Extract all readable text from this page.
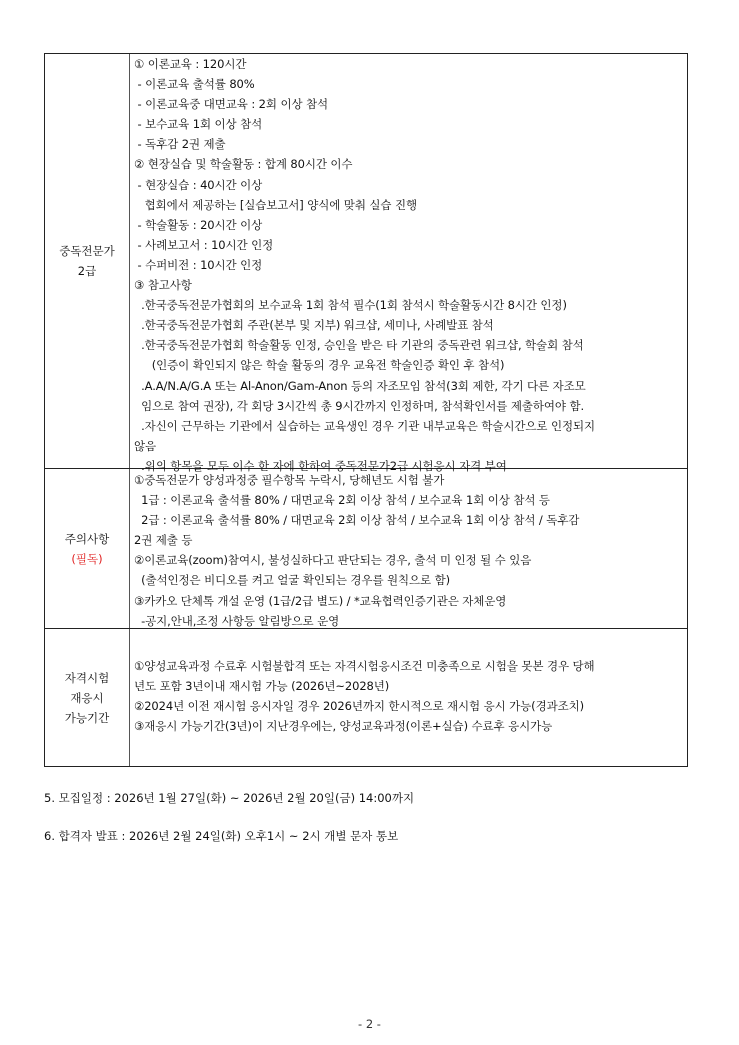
중독전문가
2급
① 이론교육 : 120시간
- 이론교육 출석률 80%
- 이론교육중 대면교육 : 2회 이상 참석
- 보수교육 1회 이상 참석
- 독후감 2권 제출
② 현장실습 및 학술활동 : 합계 80시간 이수
- 현장실습 : 40시간 이상
협회에서 제공하는 [실습보고서] 양식에 맞춰 실습 진행
- 학술활동 : 20시간 이상
- 사례보고서 : 10시간 인정
- 수퍼비전 : 10시간 인정
③ 참고사항
.한국중독전문가협회의 보수교육 1회 참석 필수(1회 참석시 학술활동시간 8시간 인정)
.한국중독전문가협회 주관(본부 및 지부) 워크샵, 세미나, 사례발표 참석
.한국중독전문가협회 학술활동 인정, 승인을 받은 타 기관의 중독관련 워크샵, 학술회 참석
(인증이 확인되지 않은 학술 활동의 경우 교육전 학술인증 확인 후 참석)
.A.A/N.A/G.A 또는 Al-Anon/Gam-Anon 등의 자조모임 참석(3회 제한, 각기 다른 자조모
임으로 참여 권장), 각 회당 3시간씩 총 9시간까지 인정하며, 참석확인서를 제출하여야 함.
.자신이 근무하는 기관에서 실습하는 교육생인 경우 기관 내부교육은 학술시간으로 인정되지
않음
.위의 항목을 모두 이수 한 자에 한하여 중독전문가2급 시험응시 자격 부여
주의사항
(필독)
①중독전문가 양성과정중 필수항목 누락시, 당해년도 시험 불가
1급 : 이론교육 출석률 80% / 대면교육 2회 이상 참석 / 보수교육 1회 이상 참석 등
2급 : 이론교육 출석률 80% / 대면교육 2회 이상 참석 / 보수교육 1회 이상 참석 / 독후감
2권 제출 등
②이론교육(zoom)참여시, 불성실하다고 판단되는 경우, 출석 미 인정 될 수 있음
(출석인정은 비디오를 켜고 얼굴 확인되는 경우를 원칙으로 함)
③카카오 단체톡 개설 운영 (1급/2급 별도) / *교육협력인증기관은 자체운영
-공지,안내,조정 사항등 알림방으로 운영
자격시험
재응시
가능기간
①양성교육과정 수료후 시험불합격 또는 자격시험응시조건 미충족으로 시험을 못본 경우 당해
년도 포함 3년이내 재시험 가능 (2026년~2028년)
②2024년 이전 재시험 응시자일 경우 2026년까지 한시적으로 재시험 응시 가능(경과조치)
③재응시 가능기간(3년)이 지난경우에는, 양성교육과정(이론+실습) 수료후 응시가능
5. 모집일정 : 2026년 1월 27일(화) ~ 2026년 2월 20일(금) 14:00까지
6. 합격자 발표 : 2026년 2월 24일(화) 오후1시 ~ 2시 개별 문자 통보
- 2 -
